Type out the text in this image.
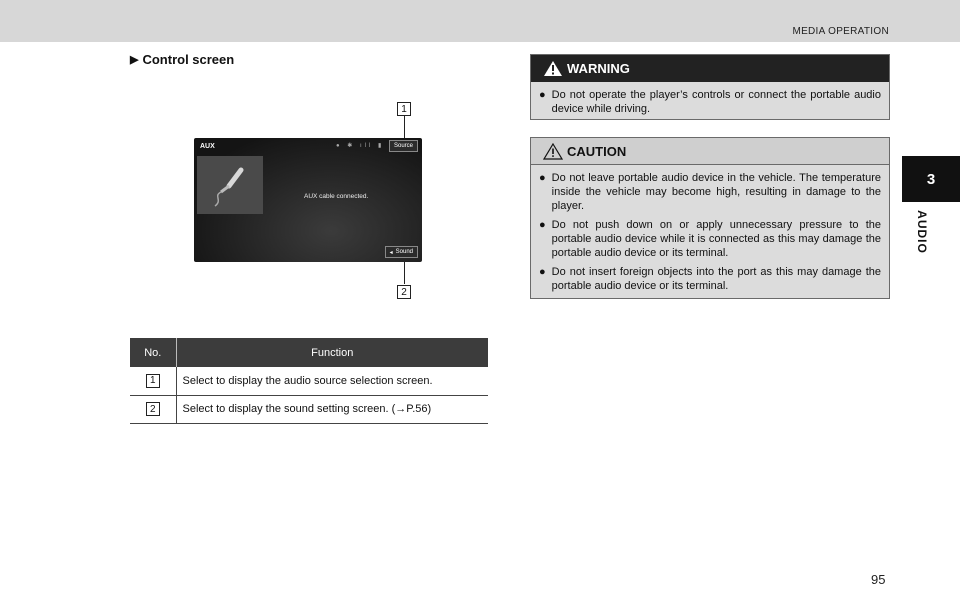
MEDIA OPERATION
3
AUDIO
▶ Control screen
1
AUX	● ✱ ıll ▮	Source
AUX cable connected.
◂ Sound
2
No.	Function
1	Select to display the audio source selection screen.
2	Select to display the sound setting screen. (→P.56)
WARNING
● Do not operate the player’s controls or connect the portable audio device while driving.
CAUTION
● Do not leave portable audio device in the vehicle. The temperature inside the vehicle may become high, resulting in damage to the player.
● Do not push down on or apply unnecessary pressure to the portable audio device while it is connected as this may damage the portable audio device or its terminal.
● Do not insert foreign objects into the port as this may damage the portable audio device or its terminal.
95
